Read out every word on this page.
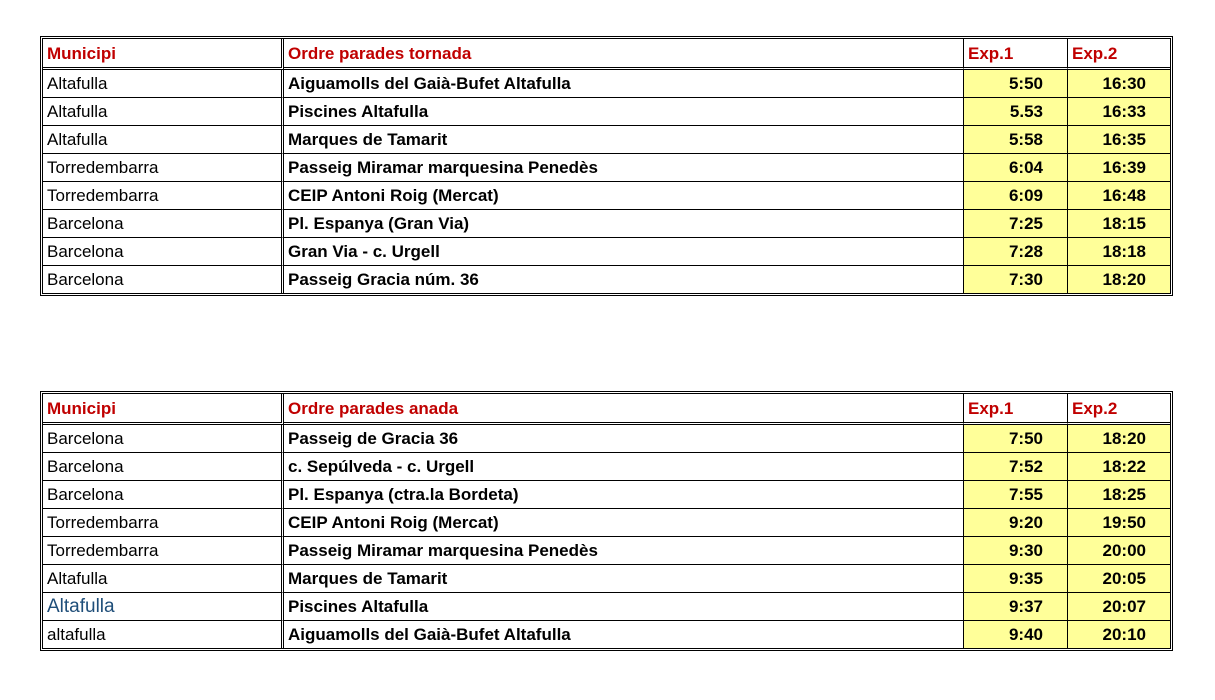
Municipi	Ordre parades tornada	Exp.1	Exp.2
Altafulla	Aiguamolls del Gaià-Bufet Altafulla	5:50	16:30
Altafulla	Piscines Altafulla	5.53	16:33
Altafulla	Marques de Tamarit	5:58	16:35
Torredembarra	Passeig Miramar marquesina Penedès	6:04	16:39
Torredembarra	CEIP Antoni Roig (Mercat)	6:09	16:48
Barcelona	Pl. Espanya (Gran Via)	7:25	18:15
Barcelona	Gran Via - c. Urgell	7:28	18:18
Barcelona	Passeig Gracia núm. 36	7:30	18:20
Municipi	Ordre parades anada	Exp.1	Exp.2
Barcelona	Passeig de Gracia 36	7:50	18:20
Barcelona	c. Sepúlveda - c. Urgell	7:52	18:22
Barcelona	Pl. Espanya (ctra.la Bordeta)	7:55	18:25
Torredembarra	CEIP Antoni Roig (Mercat)	9:20	19:50
Torredembarra	Passeig Miramar marquesina Penedès	9:30	20:00
Altafulla	Marques de Tamarit	9:35	20:05
Altafulla	Piscines Altafulla	9:37	20:07
altafulla	Aiguamolls del Gaià-Bufet Altafulla	9:40	20:10
